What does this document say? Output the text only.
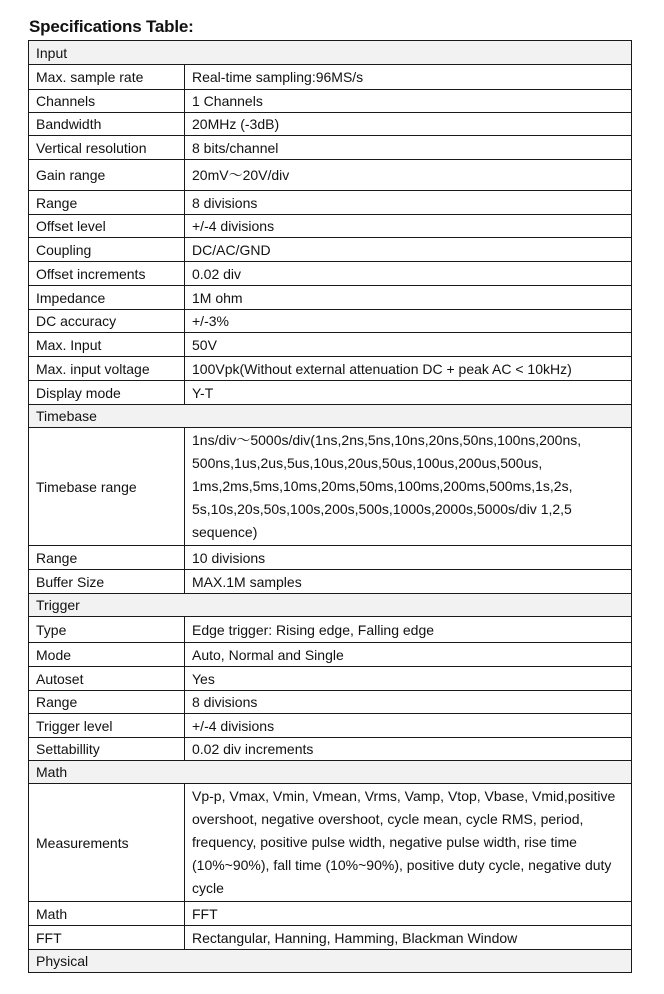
Specifications Table:
Input	
Max. sample rate	Real-time sampling:96MS/s
Channels	1 Channels
Bandwidth	20MHz (-3dB)
Vertical resolution	8 bits/channel
Gain range	20mV～20V/div
Range	8 divisions
Offset level	+/-4 divisions
Coupling	DC/AC/GND
Offset increments	0.02 div
Impedance	1M ohm
DC accuracy	+/-3%
Max. Input	50V
Max. input voltage	100Vpk(Without external attenuation DC + peak AC < 10kHz)
Display mode	Y-T
Timebase	
Timebase range	1ns/div～5000s/div(1ns,2ns,5ns,10ns,20ns,50ns,100ns,200ns, 500ns,1us,2us,5us,10us,20us,50us,100us,200us,500us, 1ms,2ms,5ms,10ms,20ms,50ms,100ms,200ms,500ms,1s,2s, 5s,10s,20s,50s,100s,200s,500s,1000s,2000s,5000s/div 1,2,5 sequence)
Range	10 divisions
Buffer Size	MAX.1M samples
Trigger	
Type	Edge trigger: Rising edge, Falling edge
Mode	Auto, Normal and Single
Autoset	Yes
Range	8 divisions
Trigger level	+/-4 divisions
Settabillity	0.02 div increments
Math	
Measurements	Vp-p, Vmax, Vmin, Vmean, Vrms, Vamp, Vtop, Vbase, Vmid,positive overshoot, negative overshoot, cycle mean, cycle RMS, period, frequency, positive pulse width, negative pulse width, rise time (10%~90%), fall time (10%~90%), positive duty cycle, negative duty cycle
Math	FFT
FFT	Rectangular, Hanning, Hamming, Blackman Window
Physical	
